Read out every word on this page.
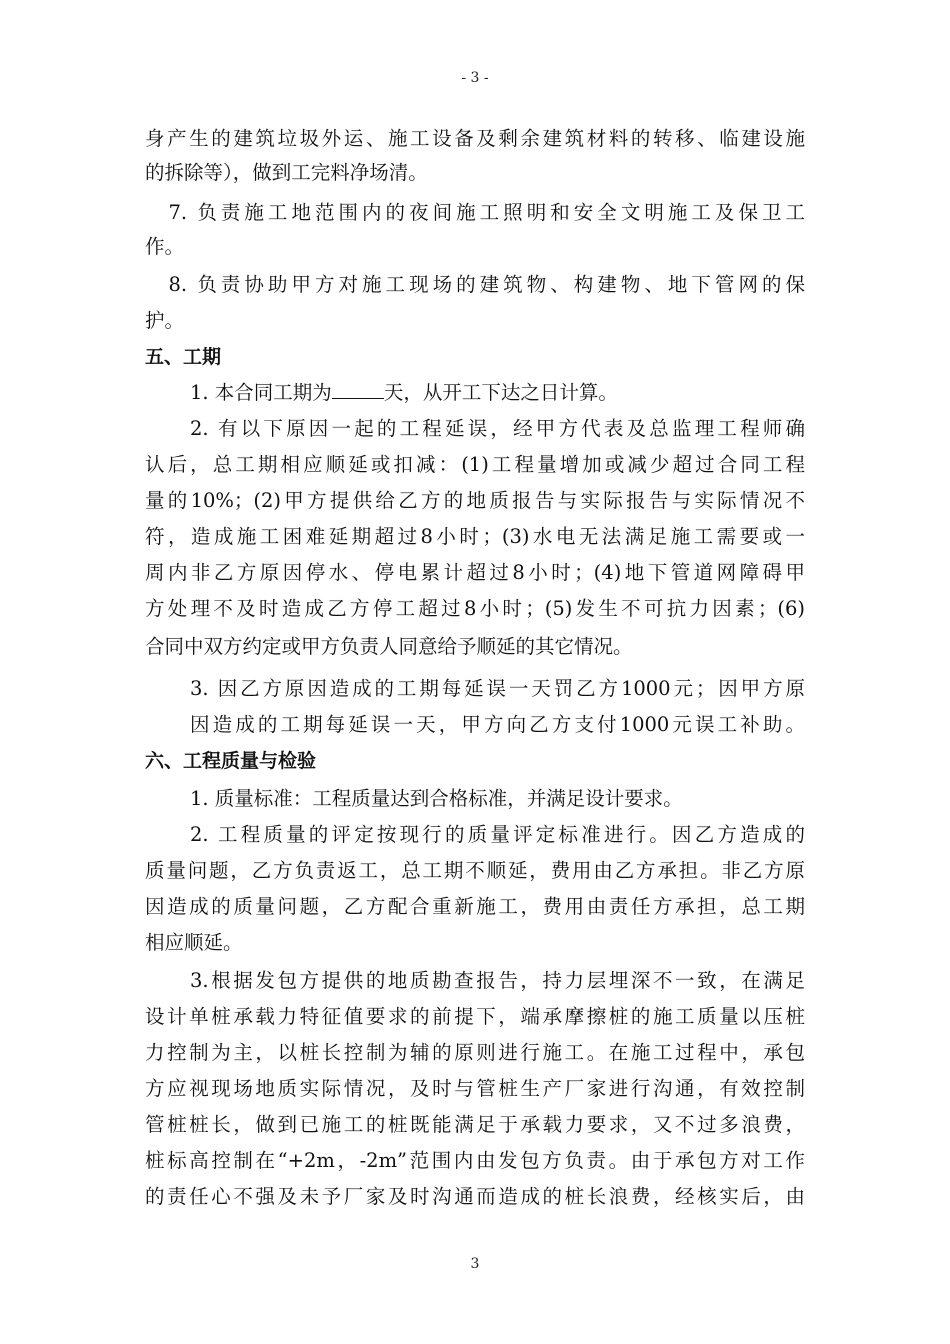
- 3 -
身产生的建筑垃圾外运、施工设备及剩余建筑材料的转移、临建设施
的拆除等），做到工完料净场清。
　7. 负责施工地范围内的夜间施工照明和安全文明施工及保卫工
作。
　8. 负责协助甲方对施工现场的建筑物、构建物、地下管网的保
护。
五、工期
1. 本合同工期为	天，从开工下达之日计算。
2. 有以下原因一起的工程延误，经甲方代表及总监理工程师确
认后，总工期相应顺延或扣减：(1)工程量增加或减少超过合同工程
量的10%；(2)甲方提供给乙方的地质报告与实际报告与实际情况不
符，造成施工困难延期超过8小时；(3)水电无法满足施工需要或一
周内非乙方原因停水、停电累计超过8小时；(4)地下管道网障碍甲
方处理不及时造成乙方停工超过8小时；(5)发生不可抗力因素；(6)
合同中双方约定或甲方负责人同意给予顺延的其它情况。
3. 因乙方原因造成的工期每延误一天罚乙方1000元；因甲方原
因造成的工期每延误一天，甲方向乙方支付1000元误工补助。
六、工程质量与检验
1. 质量标准：工程质量达到合格标准，并满足设计要求。
2. 工程质量的评定按现行的质量评定标准进行。因乙方造成的
质量问题，乙方负责返工，总工期不顺延，费用由乙方承担。非乙方原
因造成的质量问题，乙方配合重新施工，费用由责任方承担，总工期
相应顺延。
3.根据发包方提供的地质勘查报告，持力层埋深不一致，在满足
设计单桩承载力特征值要求的前提下，端承摩擦桩的施工质量以压桩
力控制为主，以桩长控制为辅的原则进行施工。在施工过程中，承包
方应视现场地质实际情况，及时与管桩生产厂家进行沟通，有效控制
管桩桩长，做到已施工的桩既能满足于承载力要求，又不过多浪费，
桩标高控制在“+2m，-2m”范围内由发包方负责。由于承包方对工作
的责任心不强及未予厂家及时沟通而造成的桩长浪费，经核实后，由
3
